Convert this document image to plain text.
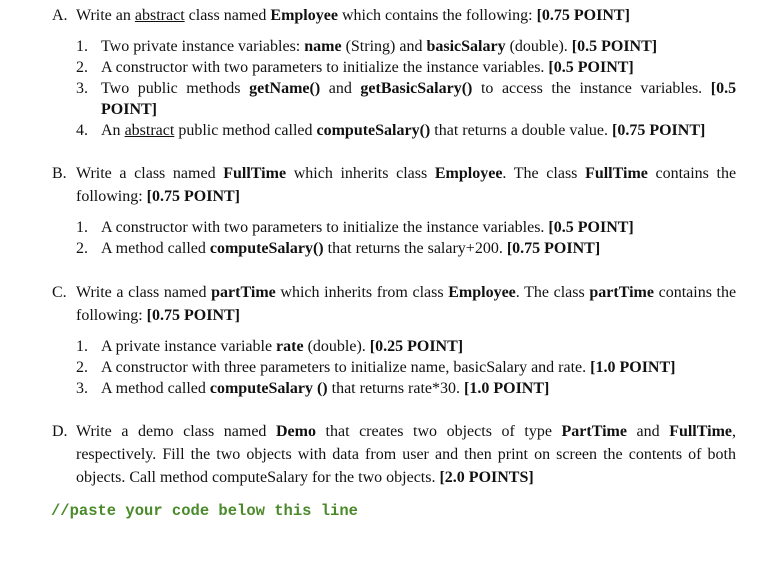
A. Write an abstract class named Employee which contains the following: [0.75 POINT]
1. Two private instance variables: name (String) and basicSalary (double). [0.5 POINT]
2. A constructor with two parameters to initialize the instance variables. [0.5 POINT]
3. Two public methods getName() and getBasicSalary() to access the instance variables. [0.5 POINT]
4. An abstract public method called computeSalary() that returns a double value. [0.75 POINT]
B. Write a class named FullTime which inherits class Employee. The class FullTime contains the following: [0.75 POINT]
1. A constructor with two parameters to initialize the instance variables. [0.5 POINT]
2. A method called computeSalary() that returns the salary+200. [0.75 POINT]
C. Write a class named partTime which inherits from class Employee. The class partTime contains the following: [0.75 POINT]
1. A private instance variable rate (double). [0.25 POINT]
2. A constructor with three parameters to initialize name, basicSalary and rate. [1.0 POINT]
3. A method called computeSalary () that returns rate*30. [1.0 POINT]
D. Write a demo class named Demo that creates two objects of type PartTime and FullTime, respectively. Fill the two objects with data from user and then print on screen the contents of both objects. Call method computeSalary for the two objects. [2.0 POINTS]
//paste your code below this line
